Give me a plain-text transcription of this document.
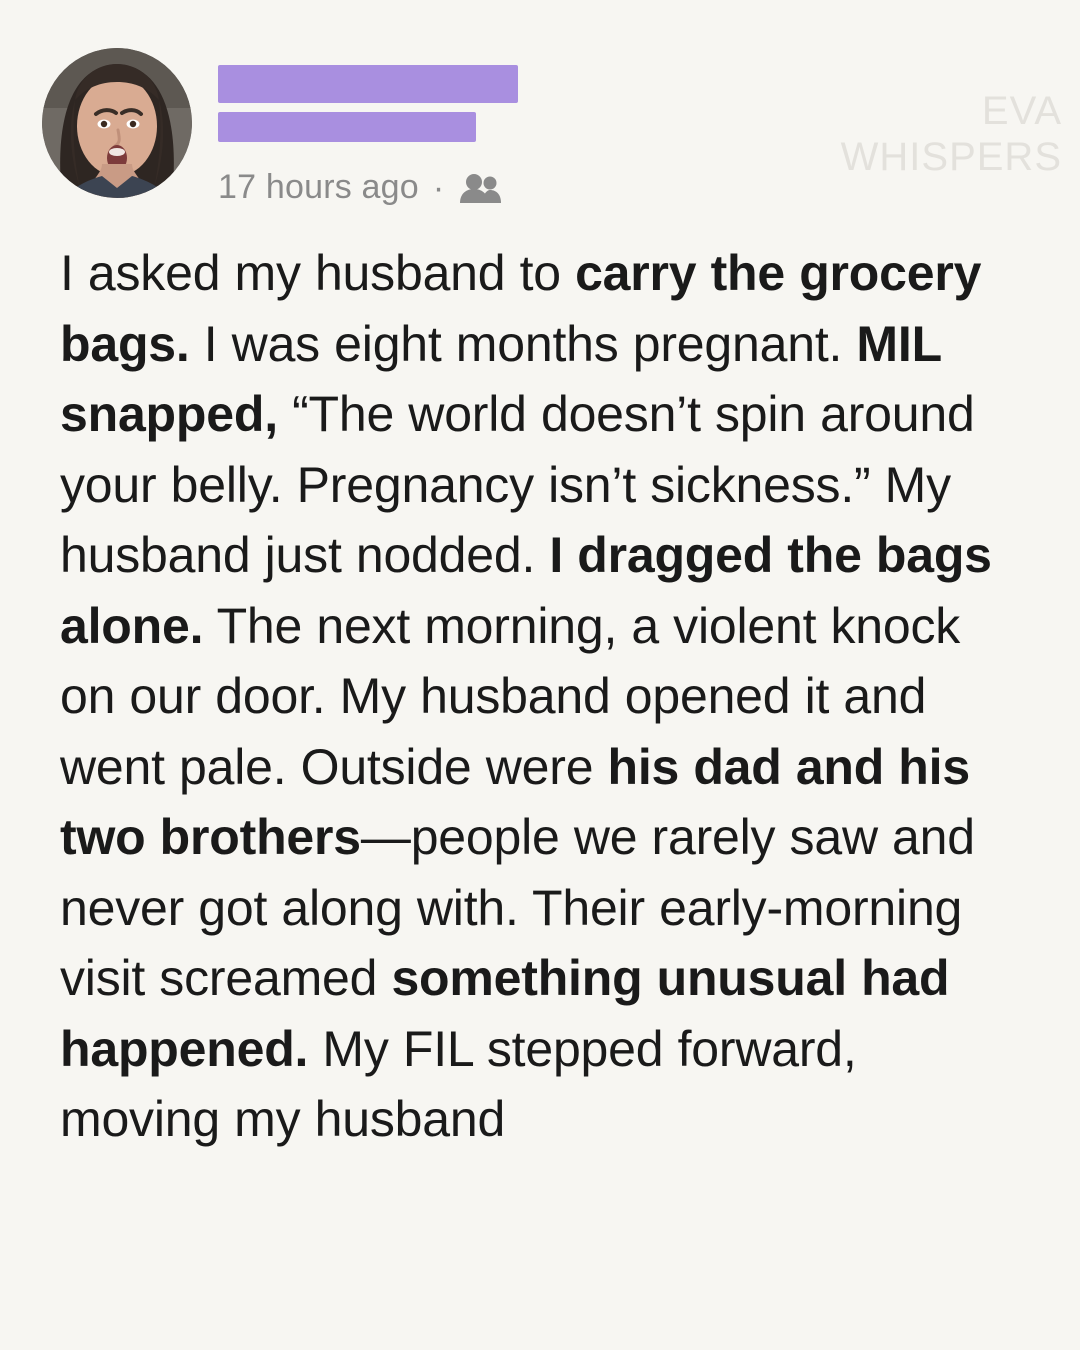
17 hours ago ·
EVA
WHISPERS
I asked my husband to carry the grocery bags. I was eight months pregnant. MIL snapped, “The world doesn’t spin around your belly. Pregnancy isn’t sickness.” My husband just nodded. I dragged the bags alone. The next morning, a violent knock on our door. My husband opened it and went pale. Outside were his dad and his two brothers—people we rarely saw and never got along with. Their early-morning visit screamed something unusual had happened. My FIL stepped forward, moving my husband
